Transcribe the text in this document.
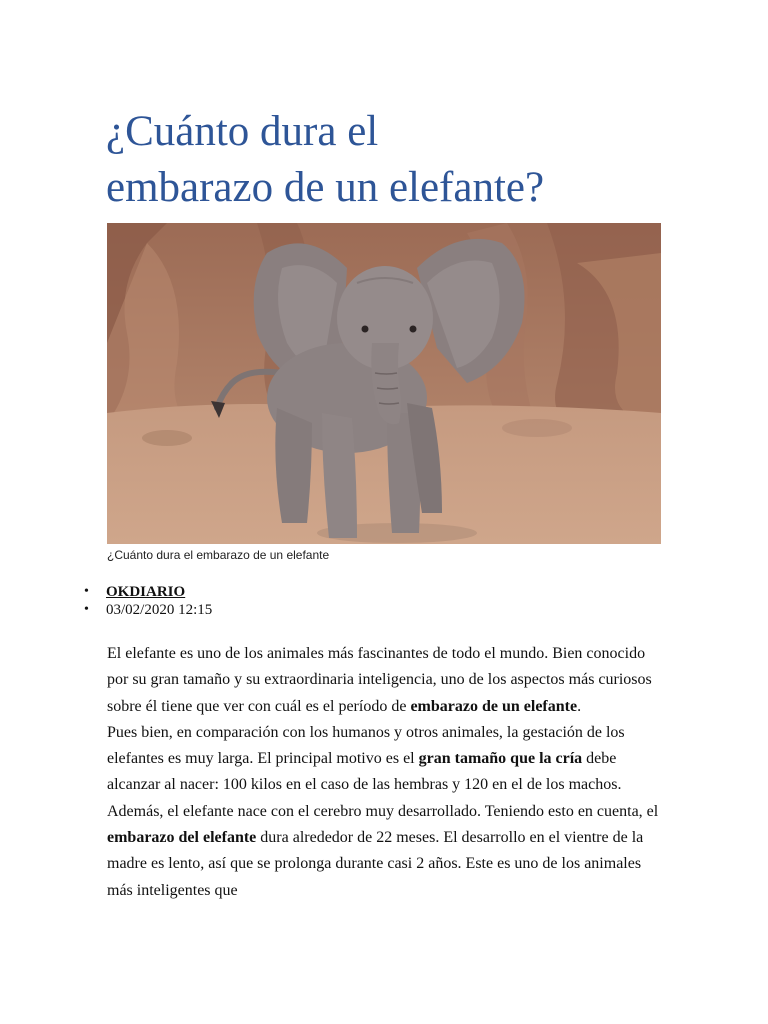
¿Cuánto dura el
embarazo de un elefante?
¿Cuánto dura el embarazo de un elefante
• OKDIARIO
• 03/02/2020 12:15
El elefante es uno de los animales más fascinantes de todo el mundo. Bien conocido por su gran tamaño y su extraordinaria inteligencia, uno de los aspectos más curiosos sobre él tiene que ver con cuál es el período de embarazo de un elefante.
Pues bien, en comparación con los humanos y otros animales, la gestación de los elefantes es muy larga. El principal motivo es el gran tamaño que la cría debe alcanzar al nacer: 100 kilos en el caso de las hembras y 120 en el de los machos. Además, el elefante nace con el cerebro muy desarrollado. Teniendo esto en cuenta, el embarazo del elefante dura alrededor de 22 meses. El desarrollo en el vientre de la madre es lento, así que se prolonga durante casi 2 años. Este es uno de los animales más inteligentes que
